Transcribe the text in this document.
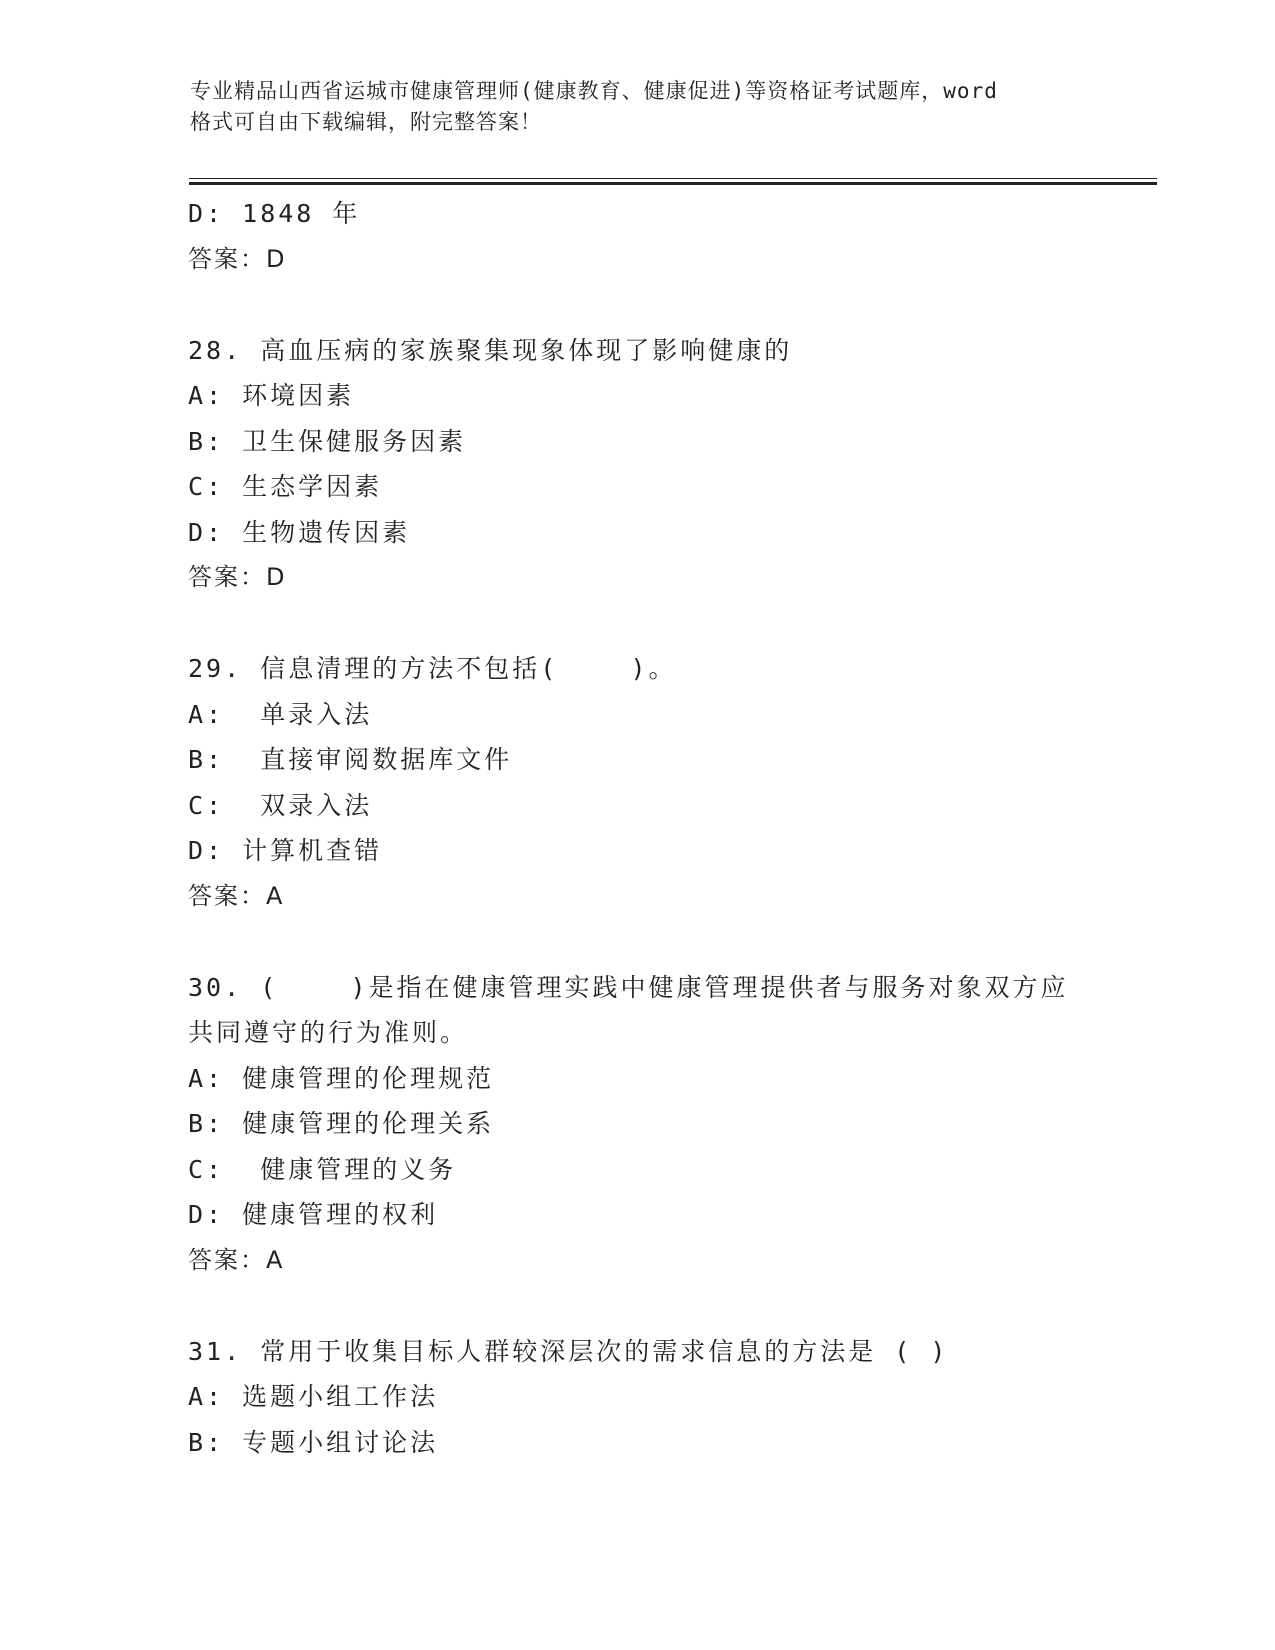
专业精品山西省运城市健康管理师(健康教育、健康促进)等资格证考试题库，word
格式可自由下载编辑，附完整答案！
D: 1848 年
答案：D
28. 高血压病的家族聚集现象体现了影响健康的
A: 环境因素
B: 卫生保健服务因素
C: 生态学因素
D: 生物遗传因素
答案：D
29. 信息清理的方法不包括(    )。
A:  单录入法
B:  直接审阅数据库文件
C:  双录入法
D: 计算机查错
答案：A
30. (    )是指在健康管理实践中健康管理提供者与服务对象双方应
共同遵守的行为准则。
A: 健康管理的伦理规范
B: 健康管理的伦理关系
C:  健康管理的义务
D: 健康管理的权利
答案：A
31. 常用于收集目标人群较深层次的需求信息的方法是 ( )
A: 选题小组工作法
B: 专题小组讨论法
